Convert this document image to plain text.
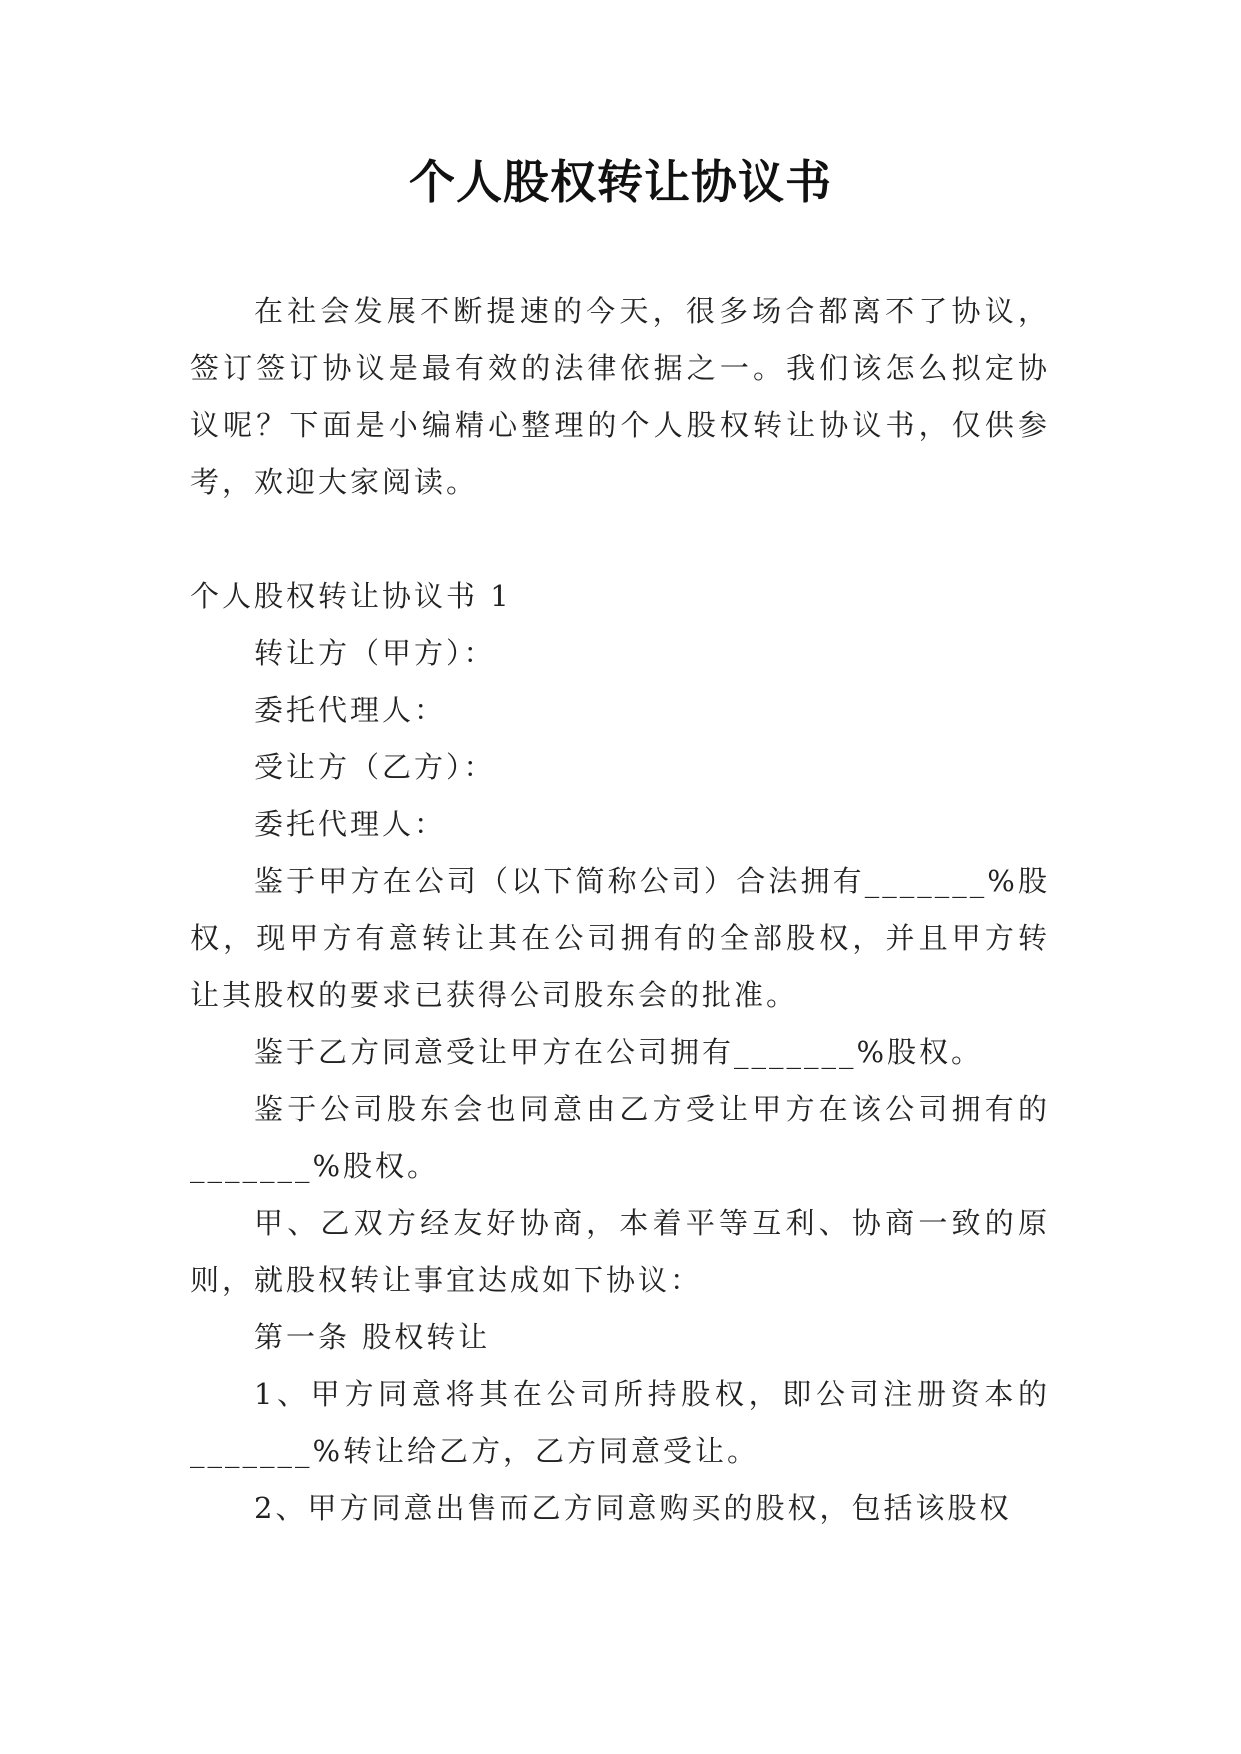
个人股权转让协议书

在社会发展不断提速的今天，很多场合都离不了协议，签订签订协议是最有效的法律依据之一。我们该怎么拟定协议呢？下面是小编精心整理的个人股权转让协议书，仅供参考，欢迎大家阅读。

个人股权转让协议书 1

转让方（甲方）：

委托代理人：

受让方（乙方）：

委托代理人：

鉴于甲方在公司（以下简称公司）合法拥有_______%股权，现甲方有意转让其在公司拥有的全部股权，并且甲方转让其股权的要求已获得公司股东会的批准。

鉴于乙方同意受让甲方在公司拥有_______%股权。

鉴于公司股东会也同意由乙方受让甲方在该公司拥有的_______%股权。

甲、乙双方经友好协商，本着平等互利、协商一致的原则，就股权转让事宜达成如下协议：

第一条 股权转让

1、甲方同意将其在公司所持股权，即公司注册资本的_______%转让给乙方，乙方同意受让。

2、甲方同意出售而乙方同意购买的股权，包括该股权
